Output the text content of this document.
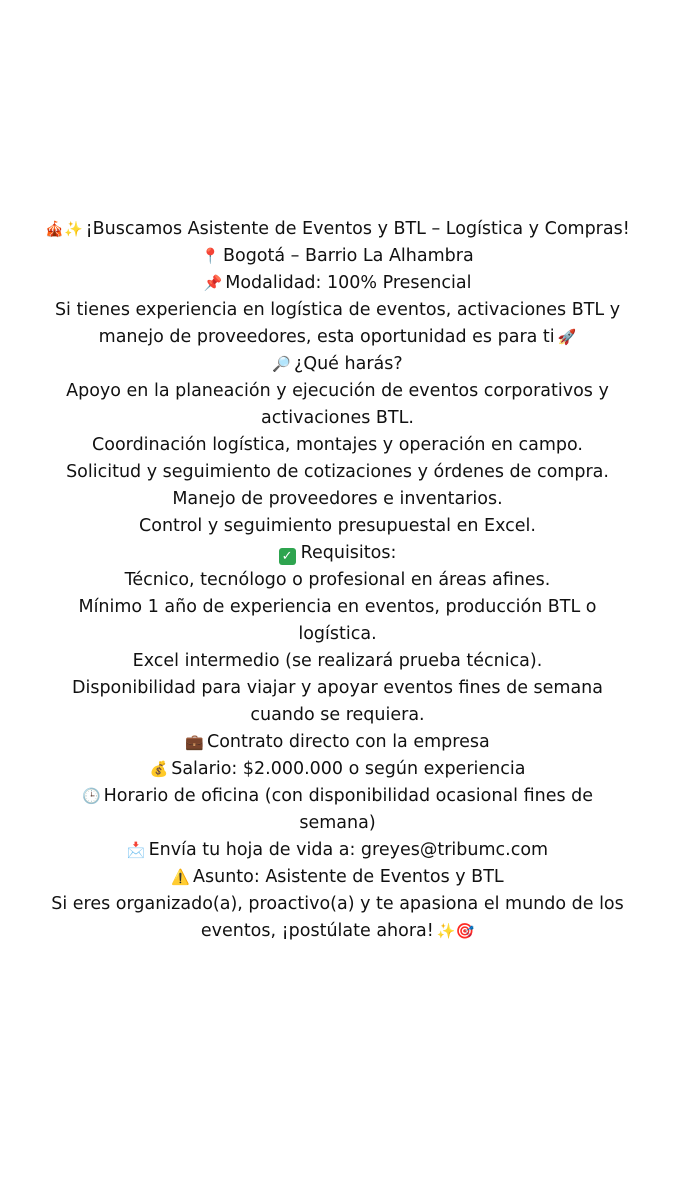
🎪✨ ¡Buscamos Asistente de Eventos y BTL – Logística y Compras!

📍 Bogotá – Barrio La Alhambra

📌 Modalidad: 100% Presencial

Si tienes experiencia en logística de eventos, activaciones BTL y

manejo de proveedores, esta oportunidad es para ti 🚀

🔎 ¿Qué harás?

Apoyo en la planeación y ejecución de eventos corporativos y

activaciones BTL.

Coordinación logística, montajes y operación en campo.

Solicitud y seguimiento de cotizaciones y órdenes de compra.

Manejo de proveedores e inventarios.

Control y seguimiento presupuestal en Excel.

✓ Requisitos:

Técnico, tecnólogo o profesional en áreas afines.

Mínimo 1 año de experiencia en eventos, producción BTL o

logística.

Excel intermedio (se realizará prueba técnica).

Disponibilidad para viajar y apoyar eventos fines de semana

cuando se requiera.

💼 Contrato directo con la empresa

💰 Salario: $2.000.000 o según experiencia

🕒 Horario de oficina (con disponibilidad ocasional fines de

semana)

📩 Envía tu hoja de vida a: greyes@tribumc.com

⚠️ Asunto: Asistente de Eventos y BTL

Si eres organizado(a), proactivo(a) y te apasiona el mundo de los

eventos, ¡postúlate ahora! ✨🎯
